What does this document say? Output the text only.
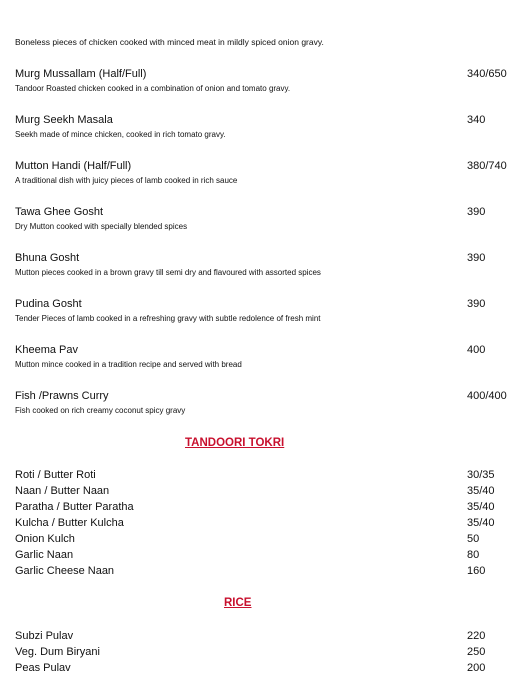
Boneless pieces of chicken cooked with minced meat in mildly spiced onion gravy.
Murg Mussallam (Half/Full)	340/650
Tandoor Roasted chicken cooked in a combination of onion and tomato gravy.
Murg Seekh Masala	340
Seekh made of mince chicken, cooked in rich tomato gravy.
Mutton Handi (Half/Full)	380/740
A traditional dish with juicy pieces of lamb cooked in rich sauce
Tawa Ghee Gosht	390
Dry Mutton cooked with specially blended spices
Bhuna Gosht	390
Mutton pieces cooked in a brown gravy till semi dry and flavoured with assorted spices
Pudina Gosht	390
Tender Pieces of lamb cooked in a refreshing gravy with subtle redolence of fresh mint
Kheema Pav	400
Mutton mince cooked in a tradition recipe and served with bread
Fish /Prawns Curry	400/400
Fish cooked on rich creamy coconut spicy gravy
TANDOORI TOKRI
Roti / Butter Roti	30/35
Naan / Butter Naan	35/40
Paratha / Butter Paratha	35/40
Kulcha / Butter Kulcha	35/40
Onion Kulch	50
Garlic Naan	80
Garlic Cheese Naan	160
RICE
Subzi Pulav	220
Veg. Dum Biryani	250
Peas Pulav	200
